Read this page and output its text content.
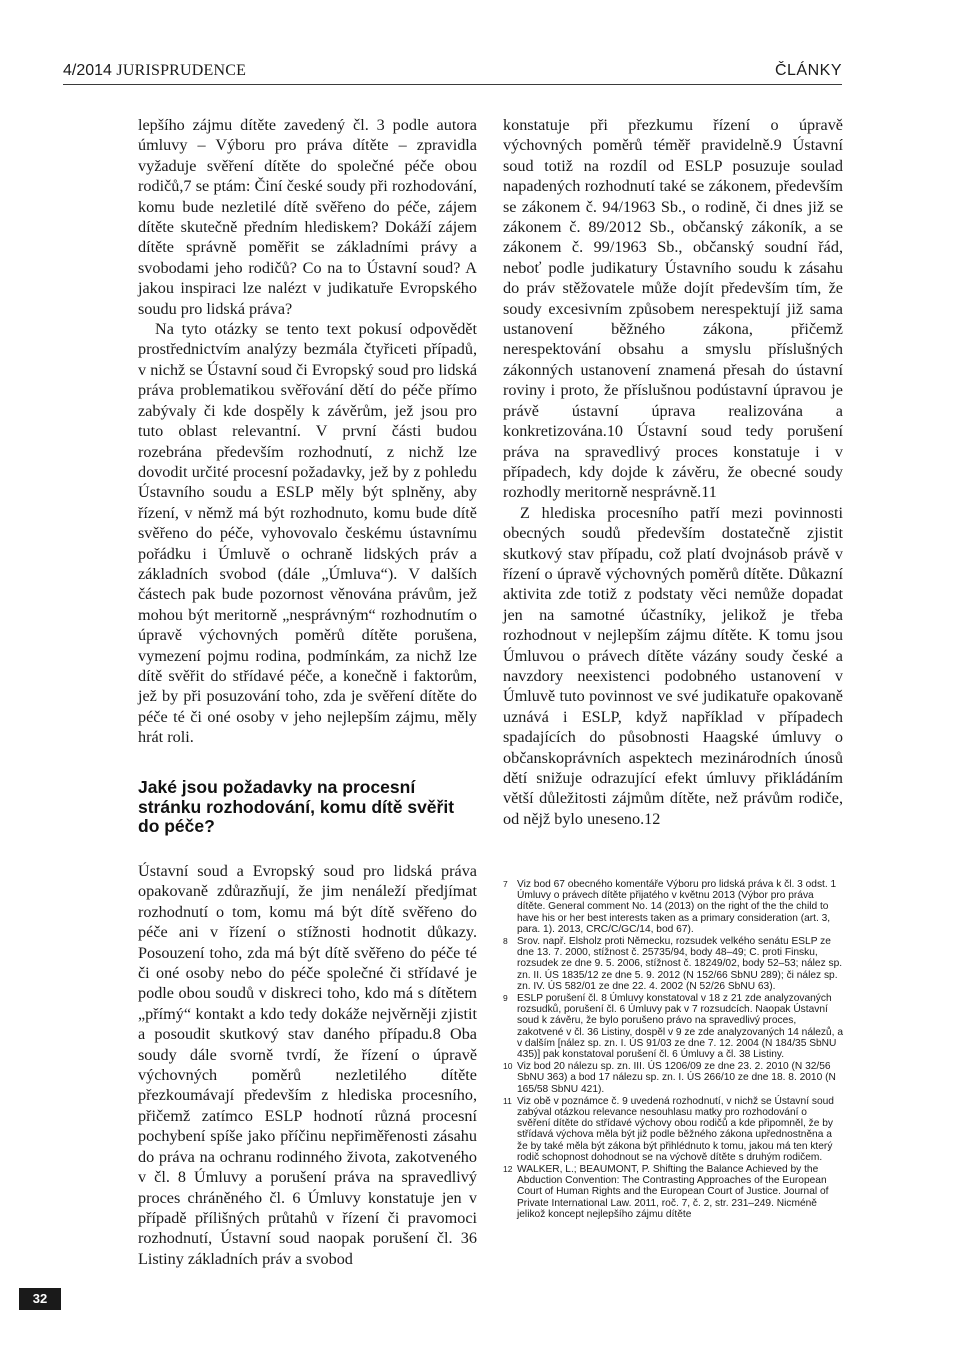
4/2014 JURISPRUDENCE	ČLÁNKY

lepšího zájmu dítěte zavedený čl. 3 podle autora úmluvy – Výboru pro práva dítěte – zpravidla vyžaduje svěření dítěte do společné péče obou rodičů,7 se ptám: Činí české soudy při rozhodování, komu bude nezletilé dítě svěřeno do péče, zájem dítěte skutečně předním hlediskem? Dokáží zájem dítěte správně poměřit se základními právy a svobodami jeho rodičů? Co na to Ústavní soud? A jakou inspiraci lze nalézt v judikatuře Evropského soudu pro lidská práva?

Na tyto otázky se tento text pokusí odpovědět prostřednictvím analýzy bezmála čtyřiceti případů, v nichž se Ústavní soud či Evropský soud pro lidská práva problematikou svěřování dětí do péče přímo zabývaly či kde dospěly k závěrům, jež jsou pro tuto oblast relevantní. V první části budou rozebrána především rozhodnutí, z nichž lze dovodit určité procesní požadavky, jež by z pohledu Ústavního soudu a ESLP měly být splněny, aby řízení, v němž má být rozhodnuto, komu bude dítě svěřeno do péče, vyhovovalo českému ústavnímu pořádku i Úmluvě o ochraně lidských práv a základních svobod (dále „Úmluva“). V dalších částech pak bude pozornost věnována právům, jež mohou být meritorně „nesprávným“ rozhodnutím o úpravě výchovných poměrů dítěte porušena, vymezení pojmu rodina, podmínkám, za nichž lze dítě svěřit do střídavé péče, a konečně i faktorům, jež by při posuzování toho, zda je svěření dítěte do péče té či oné osoby v jeho nejlepším zájmu, měly hrát roli.

Jaké jsou požadavky na procesní stránku rozhodování, komu dítě svěřit do péče?

Ústavní soud a Evropský soud pro lidská práva opakovaně zdůrazňují, že jim nenáleží předjímat rozhodnutí o tom, komu má být dítě svěřeno do péče ani v řízení o stížnosti hodnotit důkazy. Posouzení toho, zda má být dítě svěřeno do péče té či oné osoby nebo do péče společné či střídavé je podle obou soudů v diskreci toho, kdo má s dítětem „přímý“ kontakt a kdo tedy dokáže nejvěrněji zjistit a posoudit skutkový stav daného případu.8 Oba soudy dále svorně tvrdí, že řízení o úpravě výchovných poměrů nezletilého dítěte přezkoumávají především z hlediska procesního, přičemž zatímco ESLP hodnotí různá procesní pochybení spíše jako příčinu nepřiměřenosti zásahu do práva na ochranu rodinného života, zakotveného v čl. 8 Úmluvy a porušení práva na spravedlivý proces chráněného čl. 6 Úmluvy konstatuje jen v případě přílišných průtahů v řízení či pravomoci rozhodnutí, Ústavní soud naopak porušení čl. 36 Listiny základních práv a svobod

konstatuje při přezkumu řízení o úpravě výchovných poměrů téměř pravidelně.9 Ústavní soud totiž na rozdíl od ESLP posuzuje soulad napadených rozhodnutí také se zákonem, především se zákonem č. 94/1963 Sb., o rodině, či dnes již se zákonem č. 89/2012 Sb., občanský zákoník, a se zákonem č. 99/1963 Sb., občanský soudní řád, neboť podle judikatury Ústavního soudu k zásahu do práv stěžovatele může dojít především tím, že soudy excesivním způsobem nerespektují již sama ustanovení běžného zákona, přičemž nerespektování obsahu a smyslu příslušných zákonných ustanovení znamená přesah do ústavní roviny i proto, že příslušnou podústavní úpravou je právě ústavní úprava realizována a konkretizována.10 Ústavní soud tedy porušení práva na spravedlivý proces konstatuje i v případech, kdy dojde k závěru, že obecné soudy rozhodly meritorně nesprávně.11

Z hlediska procesního patří mezi povinnosti obecných soudů především dostatečně zjistit skutkový stav případu, což platí dvojnásob právě v řízení o úpravě výchovných poměrů dítěte. Důkazní aktivita zde totiž z podstaty věci nemůže dopadat jen na samotné účastníky, jelikož je třeba rozhodnout v nejlepším zájmu dítěte. K tomu jsou Úmluvou o právech dítěte vázány soudy české a navzdory neexistenci podobného ustanovení v Úmluvě tuto povinnost ve své judikatuře opakovaně uznává i ESLP, když například v případech spadajících do působnosti Haagské úmluvy o občanskoprávních aspektech mezinárodních únosů dětí snižuje odrazující efekt úmluvy přikládáním větší důležitosti zájmům dítěte, než právům rodiče, od nějž bylo uneseno.12

7 Viz bod 67 obecného komentáře Výboru pro lidská práva k čl. 3 odst. 1 Úmluvy o právech dítěte přijatého v květnu 2013 (Výbor pro práva dítěte. General comment No. 14 (2013) on the right of the the child to have his or her best interests taken as a primary consideration (art. 3, para. 1). 2013, CRC/C/GC/14, bod 67).
8 Srov. např. Elsholz proti Německu, rozsudek velkého senátu ESLP ze dne 13. 7. 2000, stížnost č. 25735/94, body 48–49; C. proti Finsku, rozsudek ze dne 9. 5. 2006, stížnost č. 18249/02, body 52–53; nález sp. zn. II. ÚS 1835/12 ze dne 5. 9. 2012 (N 152/66 SbNU 289); či nález sp. zn. IV. ÚS 582/01 ze dne 22. 4. 2002 (N 52/26 SbNU 63).
9 ESLP porušení čl. 8 Úmluvy konstatoval v 18 z 21 zde analyzovaných rozsudků, porušení čl. 6 Úmluvy pak v 7 rozsudcích. Naopak Ústavní soud k závěru, že bylo porušeno právo na spravedlivý proces, zakotvené v čl. 36 Listiny, dospěl v 9 ze zde analyzovaných 14 nálezů, a v dalším [nález sp. zn. I. ÚS 91/03 ze dne 7. 12. 2004 (N 184/35 SbNU 435)] pak konstatoval porušení čl. 6 Úmluvy a čl. 38 Listiny.
10 Viz bod 20 nálezu sp. zn. III. ÚS 1206/09 ze dne 23. 2. 2010 (N 32/56 SbNU 363) a bod 17 nálezu sp. zn. I. ÚS 266/10 ze dne 18. 8. 2010 (N 165/58 SbNU 421).
11 Viz obě v poznámce č. 9 uvedená rozhodnutí, v nichž se Ústavní soud zabýval otázkou relevance nesouhlasu matky pro rozhodování o svěření dítěte do střídavé výchovy obou rodičů a kde připomněl, že by střídavá výchova měla být již podle běžného zákona upřednostněna a že by také měla být zákona být přihlédnuto k tomu, jakou má ten který rodič schopnost dohodnout se na výchově dítěte s druhým rodičem.
12 WALKER, L.; BEAUMONT, P. Shifting the Balance Achieved by the Abduction Convention: The Contrasting Approaches of the European Court of Human Rights and the European Court of Justice. Journal of Private International Law. 2011, roč. 7, č. 2, str. 231–249. Nicméně jelikož koncept nejlepšího zájmu dítěte
32
